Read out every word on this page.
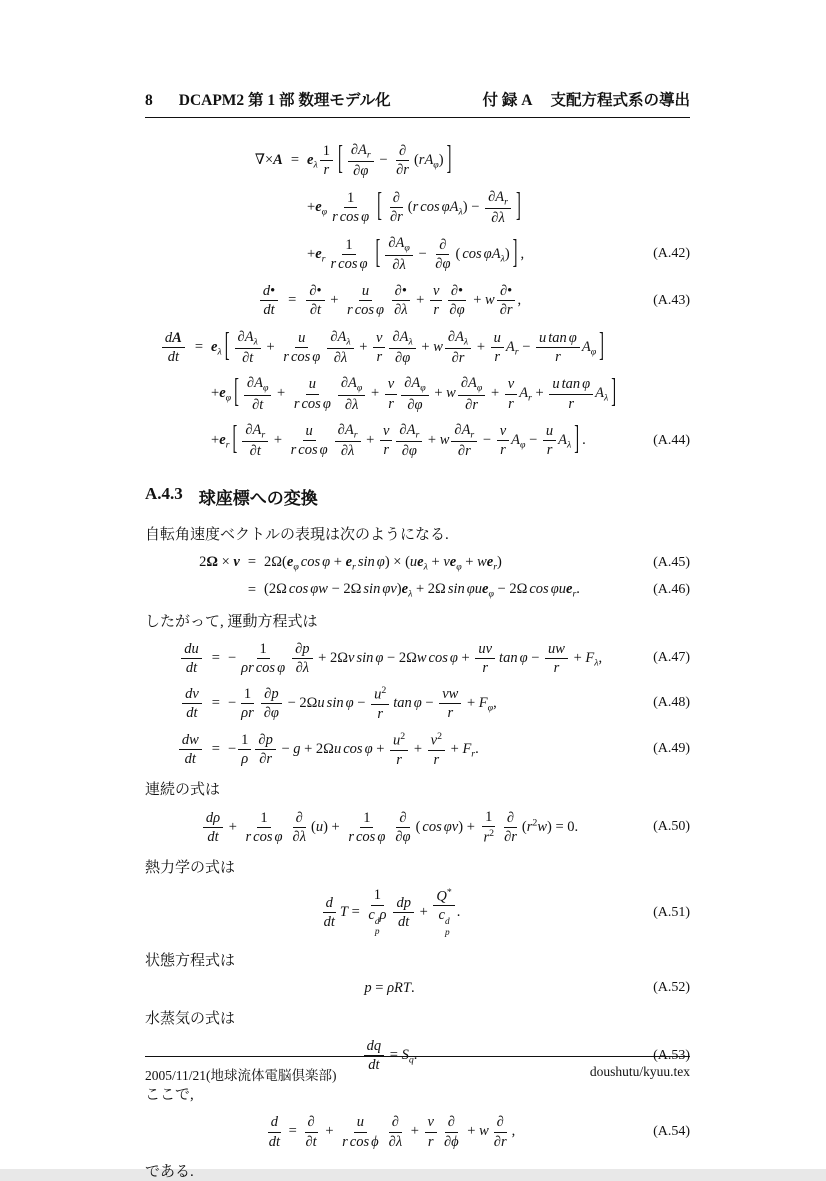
8 DCAPM2 第 1 部 数理モデル化	付 録 A 支配方程式系の導出
$\nabla\times A = e_\lambda \frac{1}{r}$ [ $\frac{\partial A_r}{\partial\varphi} - \frac{\partial}{\partial r} (rA_\varphi)$ ]
$+e_\varphi \frac{1}{\text{r cos φ}}$ [ $\frac{\partial}{\partial r} (r$ $\cos \varphi A_\lambda) - \frac{\partial A_r}{\partial\lambda}$ ]
$+e_r \frac{1}{\text{r cos φ}}$ [ $\frac{\partial A_\varphi}{\partial\lambda} - \frac{\partial}{\partial\varphi}$ ( $\cos \varphi A_\lambda$) ] ,	(A.42)
$\frac{d•}{dt} = \frac{\partial•}{\partial t} + \frac{u}{\text{r cos φ}} \frac{\partial•}{\partial\lambda} + \frac{v}{r} \frac{\partial•}{\partial\varphi} + w \frac{\partial•}{\partial r}$ ,	(A.43)
$\frac{dA}{dt} = e_\lambda$ [ $\frac{\partial A_\lambda}{\partial t} + \frac{u}{\text{r cos φ}} \frac{\partial A_\lambda}{\partial\lambda} + \frac{v}{r} \frac{\partial A_\lambda}{\partial\varphi} + w \frac{\partial A_\lambda}{\partial r} + \frac{u}{r} A_r - \frac{\text{u tan φ}}{r} A_\varphi$ ]
$+e_\varphi$ [ $\frac{\partial A_\varphi}{\partial t} + \frac{u}{\text{r cos φ}} \frac{\partial A_\varphi}{\partial\lambda} + \frac{v}{r} \frac{\partial A_\varphi}{\partial\varphi} + w \frac{\partial A_\varphi}{\partial r} + \frac{v}{r} A_r + \frac{\text{u tan φ}}{r} A_\lambda$ ]
$+e_r$ [ $\frac{\partial A_r}{\partial t} + \frac{u}{\text{r cos φ}} \frac{\partial A_r}{\partial\lambda} + \frac{v}{r} \frac{\partial A_r}{\partial\varphi} + w \frac{\partial A_r}{\partial r} - \frac{v}{r} A_\varphi - \frac{u}{r} A_\lambda$ ] .	(A.44)
A.4.3 球座標への変換

自転角速度ベクトルの表現は次のようになる.

$2\Omega \times v = 2\Omega(e_\varphi$ $\cos \varphi + e_r$ $\sin \varphi) \times (ue_\lambda + ve_\varphi + we_r)$	(A.45)
= (2Ω cos φw − 2Ω $\sin \varphi v)e_\lambda + 2\Omega$ sin φue$_\varphi$ − 2Ω cos φue$_r$.	(A.46)

したがって, 運動方程式は

$\frac{du}{dt}$ = − $\frac{1}{\text{ρr cos φ}} \frac{\partial p}{\partial\lambda} + 2\Omega v$ sin φ − 2Ωw $\cos \varphi + \frac{uv}{r}$ $\tan \varphi - \frac{uw}{r} + F_\lambda$,	(A.47)
$\frac{dv}{dt}$ = − $\frac{1}{\rho r} \frac{\partial p}{\partial\varphi} - 2\Omega u$ $\sin \varphi - \frac{u^2}{r}$ $\tan \varphi - \frac{vw}{r} + F_\varphi$,	(A.48)
$\frac{dw}{dt}$ = − $\frac{1}{\rho} \frac{\partial p}{\partial r} - g + 2\Omega u$ $\cos \varphi + \frac{u^2}{r} + \frac{v^2}{r} + F_r$.	(A.49)

連続の式は

$\frac{d\rho}{dt} + \frac{1}{\text{r cos φ}} \frac{\partial}{\partial\lambda} (u) + \frac{1}{\text{r cos φ}} \frac{\partial}{\partial\varphi}$ ( $\cos \varphi v) + \frac{1}{r^2} \frac{\partial}{\partial r} (r^2w) = 0$.	(A.50)

熱力学の式は

$\frac{d}{dt}$ T = 1
c d
p
ρ $\frac{dp}{dt} + Q^*$
c d
p .	(A.51)

状態方程式は

p = ρRT.	(A.52)

水蒸気の式は

$\frac{dq}{dt} = S_q$.	(A.53)

ここで,

$\frac{d}{dt} = \frac{\partial}{\partial t} + \frac{u}{\text{r cos ϕ}} \frac{\partial}{\partial\lambda} + \frac{v}{r} \frac{\partial}{\partial\phi} + w \frac{\partial}{\partial r}$ ,	(A.54)

である.

2005/11/21(地球流体電脳倶楽部)	doushutu/kyuu.tex
